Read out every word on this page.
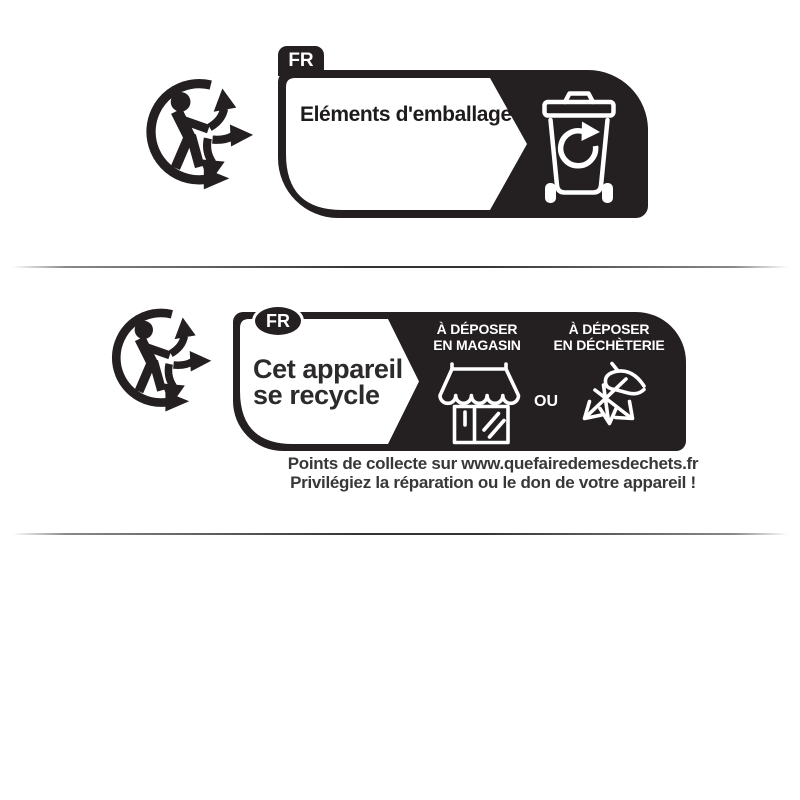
FR
Eléments d'emballage
Cet appareil
se recycle
À DÉPOSER
EN MAGASIN
OU
À DÉPOSER
EN DÉCHÈTERIE
FR
Points de collecte sur www.quefairedemesdechets.fr
Privilégiez la réparation ou le don de votre appareil !
